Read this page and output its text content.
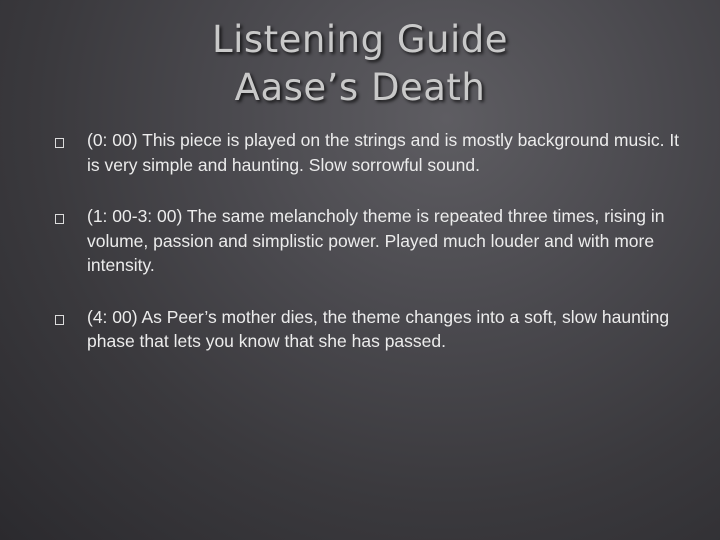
Listening Guide
Aase’s Death
(0: 00) This piece is played on the strings and is mostly background music. It is very simple and haunting. Slow sorrowful sound.
(1: 00-3: 00) The same melancholy theme is repeated three times, rising in volume, passion and simplistic power. Played much louder and with more intensity.
(4: 00) As Peer’s mother dies, the theme changes into a soft, slow haunting phase that lets you know that she has passed.
